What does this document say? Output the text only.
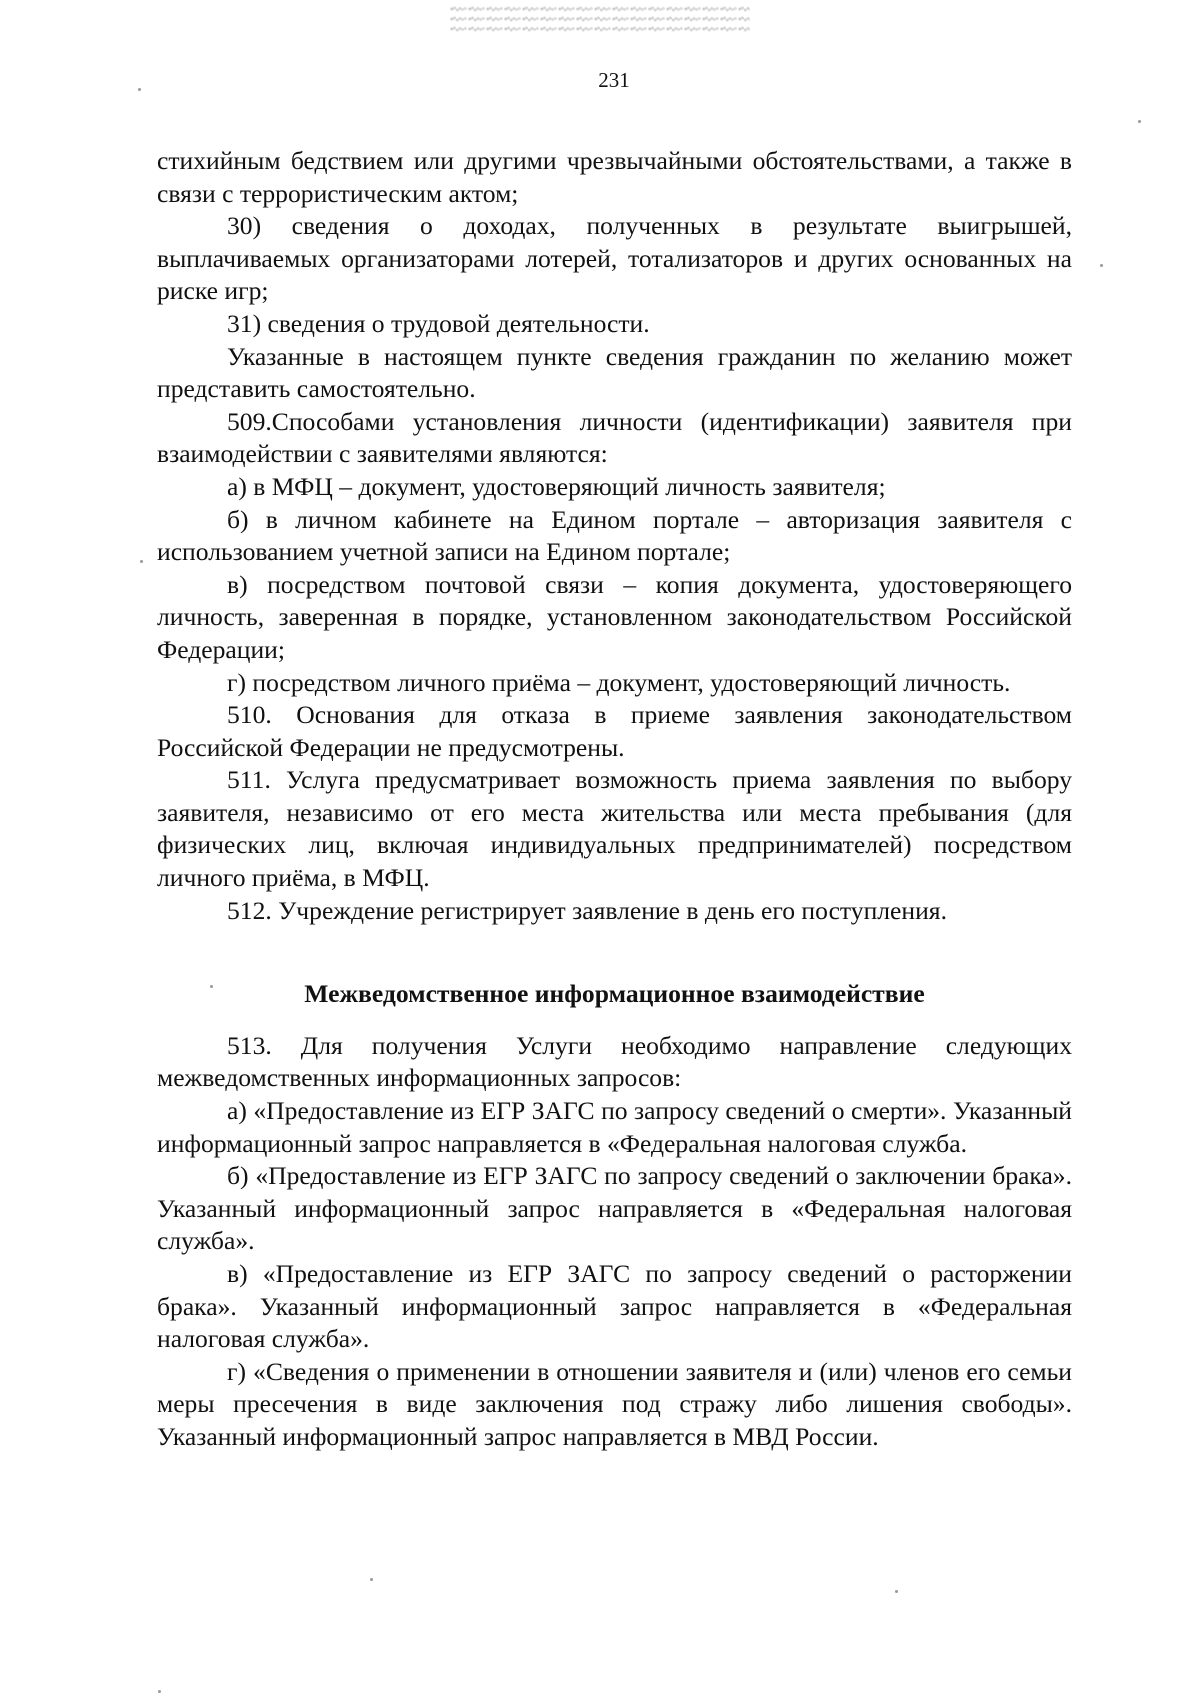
231

стихийным бедствием или другими чрезвычайными обстоятельствами, а также в связи с террористическим актом;

30) сведения о доходах, полученных в результате выигрышей, выплачиваемых организаторами лотерей, тотализаторов и других основанных на риске игр;

31) сведения о трудовой деятельности.

Указанные в настоящем пункте сведения гражданин по желанию может представить самостоятельно.

509.Способами установления личности (идентификации) заявителя при взаимодействии с заявителями являются:

а) в МФЦ – документ, удостоверяющий личность заявителя;

б) в личном кабинете на Едином портале – авторизация заявителя с использованием учетной записи на Едином портале;

в) посредством почтовой связи – копия документа, удостоверяющего личность, заверенная в порядке, установленном законодательством Российской Федерации;

г) посредством личного приёма – документ, удостоверяющий личность.

510. Основания для отказа в приеме заявления законодательством Российской Федерации не предусмотрены.

511. Услуга предусматривает возможность приема заявления по выбору заявителя, независимо от его места жительства или места пребывания (для физических лиц, включая индивидуальных предпринимателей) посредством личного приёма, в МФЦ.

512. Учреждение регистрирует заявление в день его поступления.

Межведомственное информационное взаимодействие

513. Для получения Услуги необходимо направление следующих межведомственных информационных запросов:

а) «Предоставление из ЕГР ЗАГС по запросу сведений о смерти». Указанный информационный запрос направляется в «Федеральная налоговая служба.

б) «Предоставление из ЕГР ЗАГС по запросу сведений о заключении брака». Указанный информационный запрос направляется в «Федеральная налоговая служба».

в) «Предоставление из ЕГР ЗАГС по запросу сведений о расторжении брака». Указанный информационный запрос направляется в «Федеральная налоговая служба».

г) «Сведения о применении в отношении заявителя и (или) членов его семьи меры пресечения в виде заключения под стражу либо лишения свободы». Указанный информационный запрос направляется в МВД России.
